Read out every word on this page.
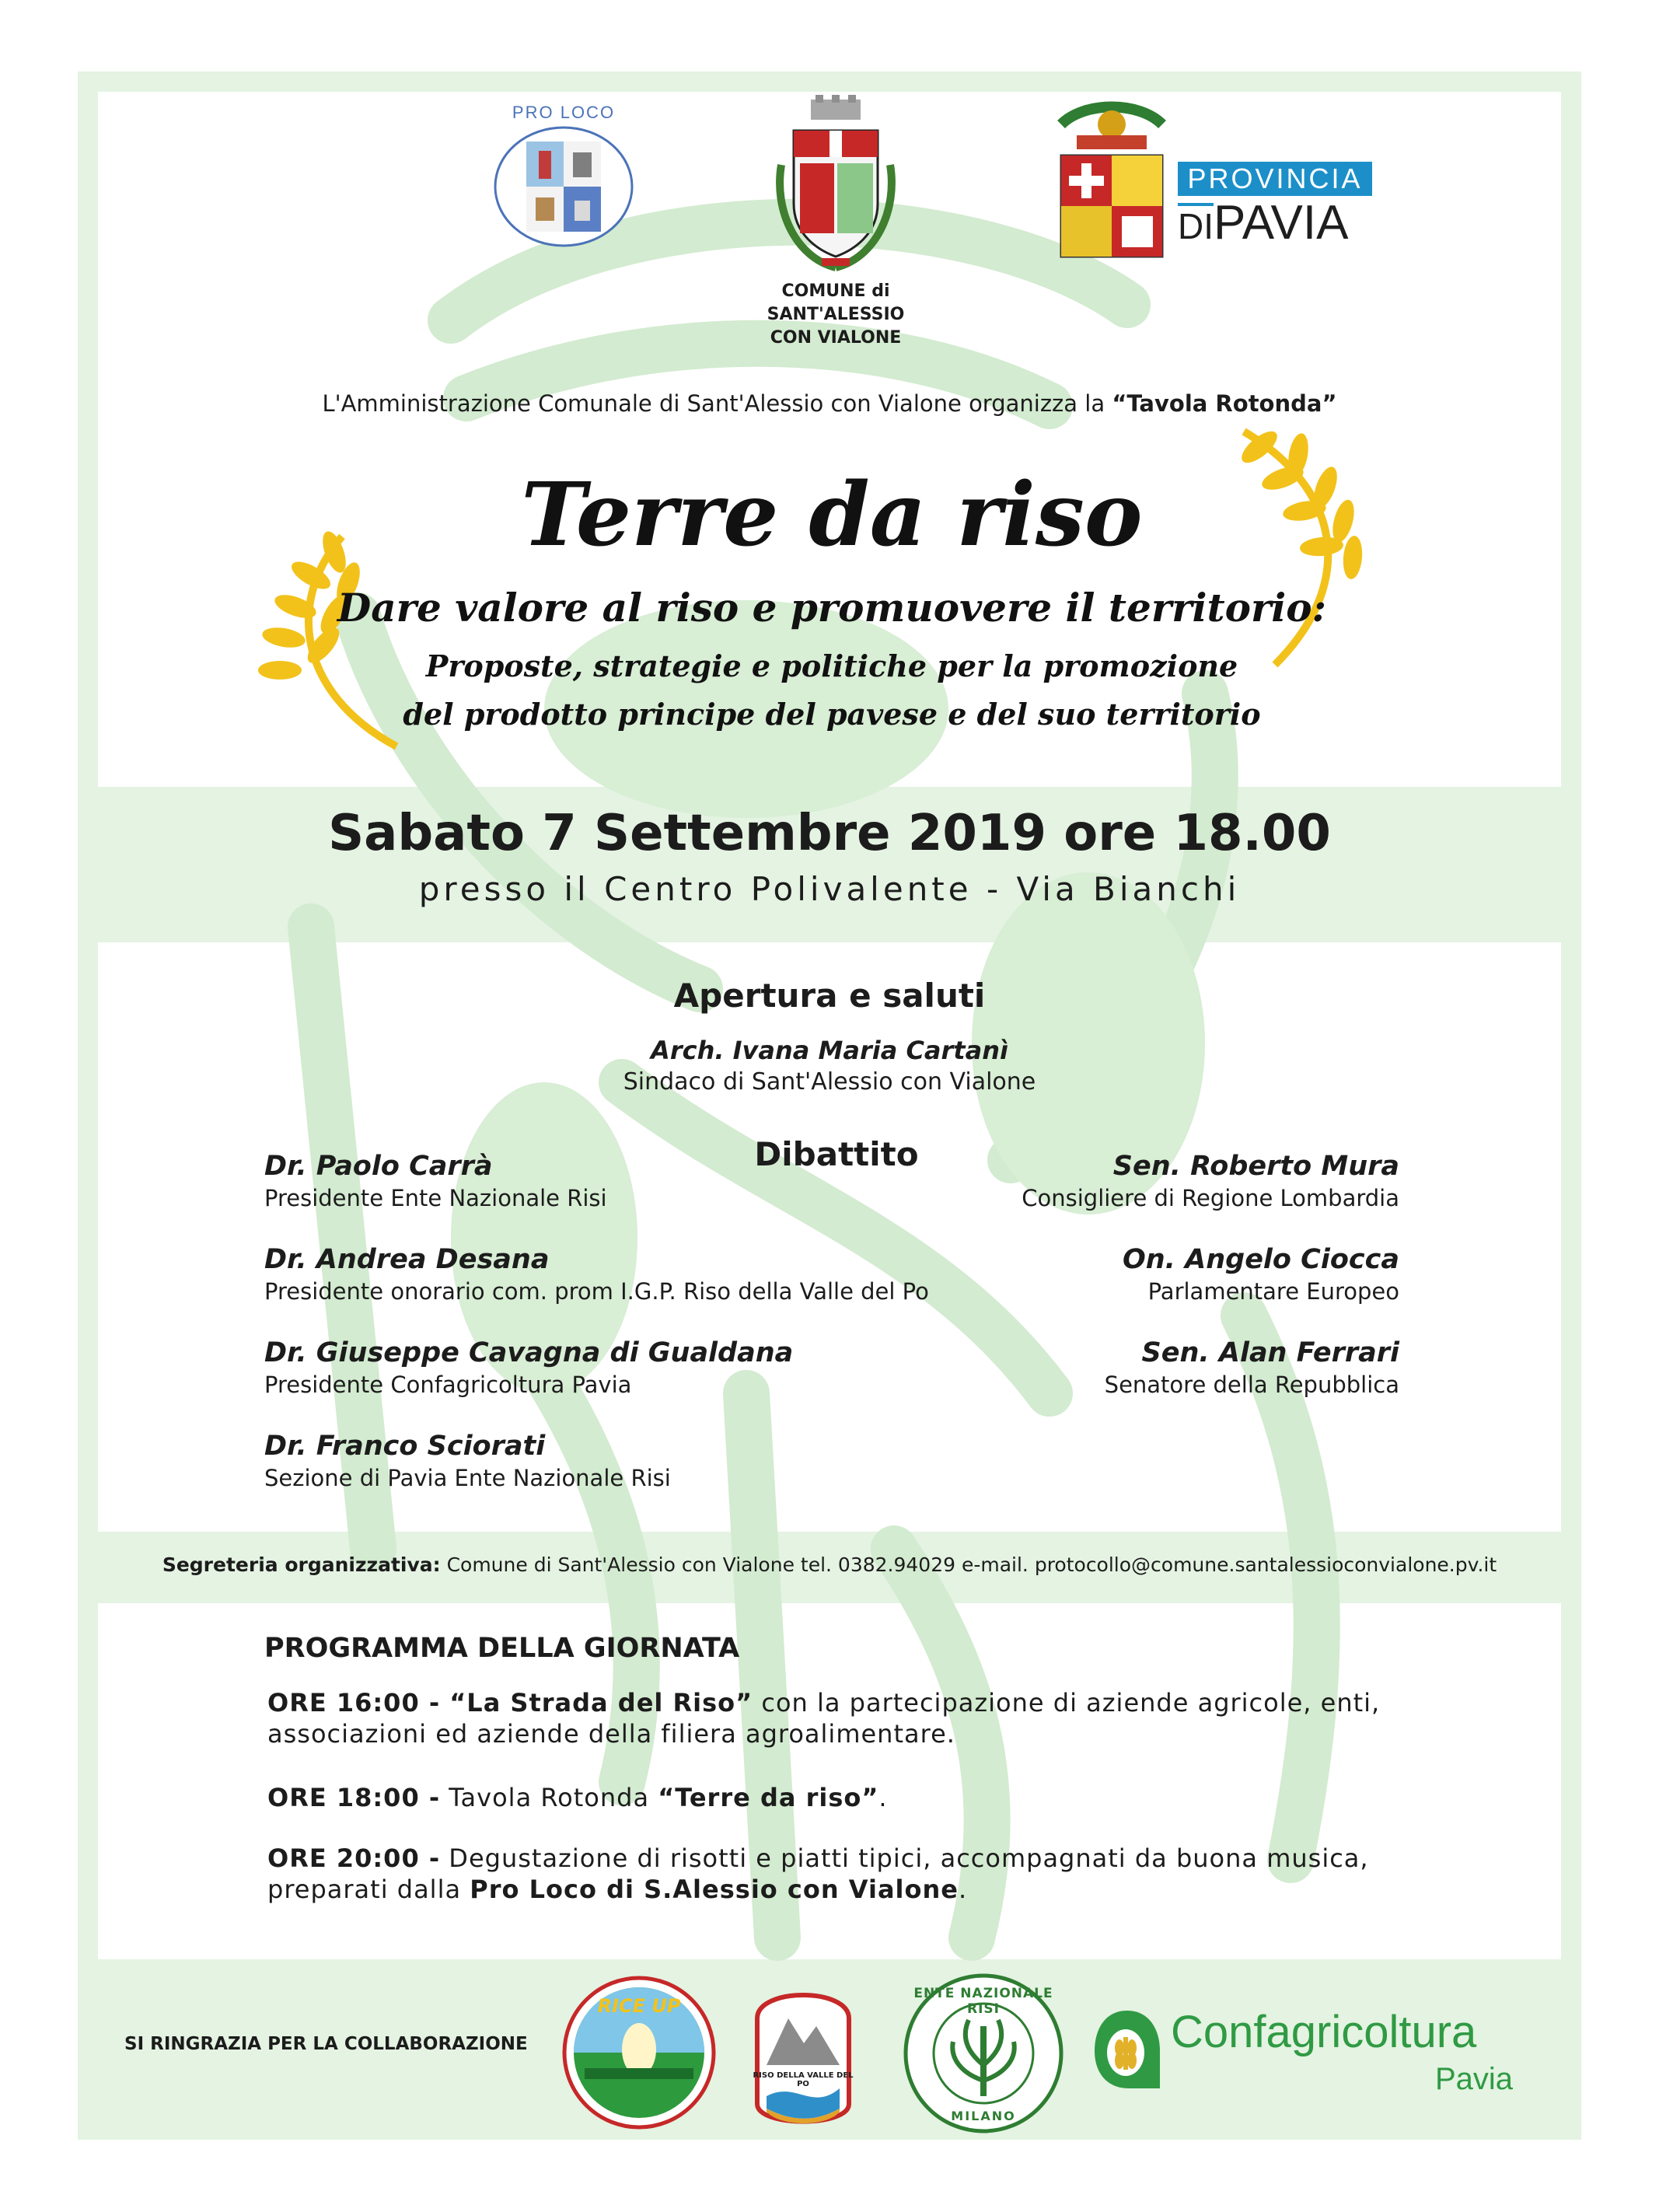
PRO LOCO
COMUNE di
SANT'ALESSIO
CON VIALONE
PROVINCIA
DIPAVIA
L'Amministrazione Comunale di Sant'Alessio con Vialone organizza la “Tavola Rotonda”
Terre da riso
Dare valore al riso e promuovere il territorio:
Proposte, strategie e politiche per la promozione
del prodotto principe del pavese e del suo territorio
Sabato 7 Settembre 2019 ore 18.00
presso il Centro Polivalente - Via Bianchi
Apertura e saluti
Arch. Ivana Maria Cartanì
Sindaco di Sant'Alessio con Vialone
Dibattito
Dr. Paolo Carrà
Presidente Ente Nazionale Risi
Dr. Andrea Desana
Presidente onorario com. prom I.G.P. Riso della Valle del Po
Dr. Giuseppe Cavagna di Gualdana
Presidente Confagricoltura Pavia
Dr. Franco Sciorati
Sezione di Pavia Ente Nazionale Risi
Sen. Roberto Mura
Consigliere di Regione Lombardia
On. Angelo Ciocca
Parlamentare Europeo
Sen. Alan Ferrari
Senatore della Repubblica
Segreteria organizzativa: Comune di Sant'Alessio con Vialone tel. 0382.94029 e-mail. protocollo@comune.santalessioconvialone.pv.it
PROGRAMMA DELLA GIORNATA
ORE 16:00 - “La Strada del Riso” con la partecipazione di aziende agricole, enti, associazioni ed aziende della filiera agroalimentare.
ORE 18:00 - Tavola Rotonda “Terre da riso”.
ORE 20:00 - Degustazione di risotti e piatti tipici, accompagnati da buona musica, preparati dalla Pro Loco di S.Alessio con Vialone.
SI RINGRAZIA PER LA COLLABORAZIONE
RICE UP
RISO DELLA VALLE DEL PO
ENTE NAZIONALE RISI
MILANO
Confagricoltura
Pavia
